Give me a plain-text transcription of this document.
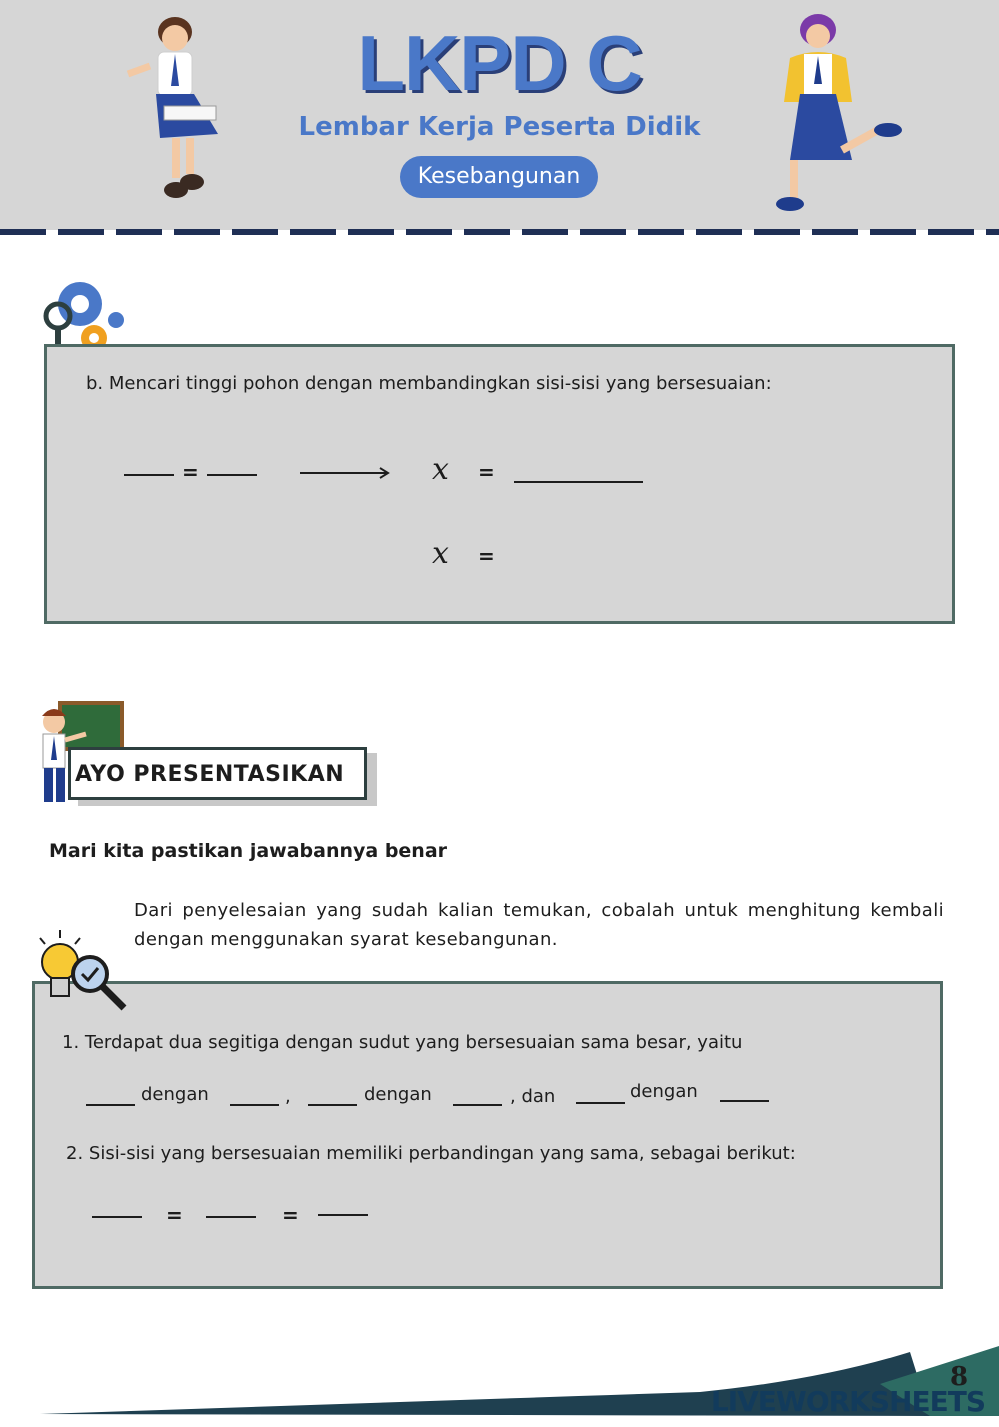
LKPD C
Lembar Kerja Peserta Didik
Kesebangunan
b. Mencari tinggi pohon dengan membandingkan sisi-sisi yang bersesuaian:
=	x =
x =
AYO PRESENTASIKAN
Mari kita pastikan jawabannya benar
Dari penyelesaian yang sudah kalian temukan, cobalah untuk menghitung kembali dengan menggunakan syarat kesebangunan.
1. Terdapat dua segitiga dengan sudut yang bersesuaian sama besar, yaitu
dengan	,	dengan	, dan	dengan
2. Sisi-sisi yang bersesuaian memiliki perbandingan yang sama, sebagai berikut:
=	=
8
LIVEWORKSHEETS
